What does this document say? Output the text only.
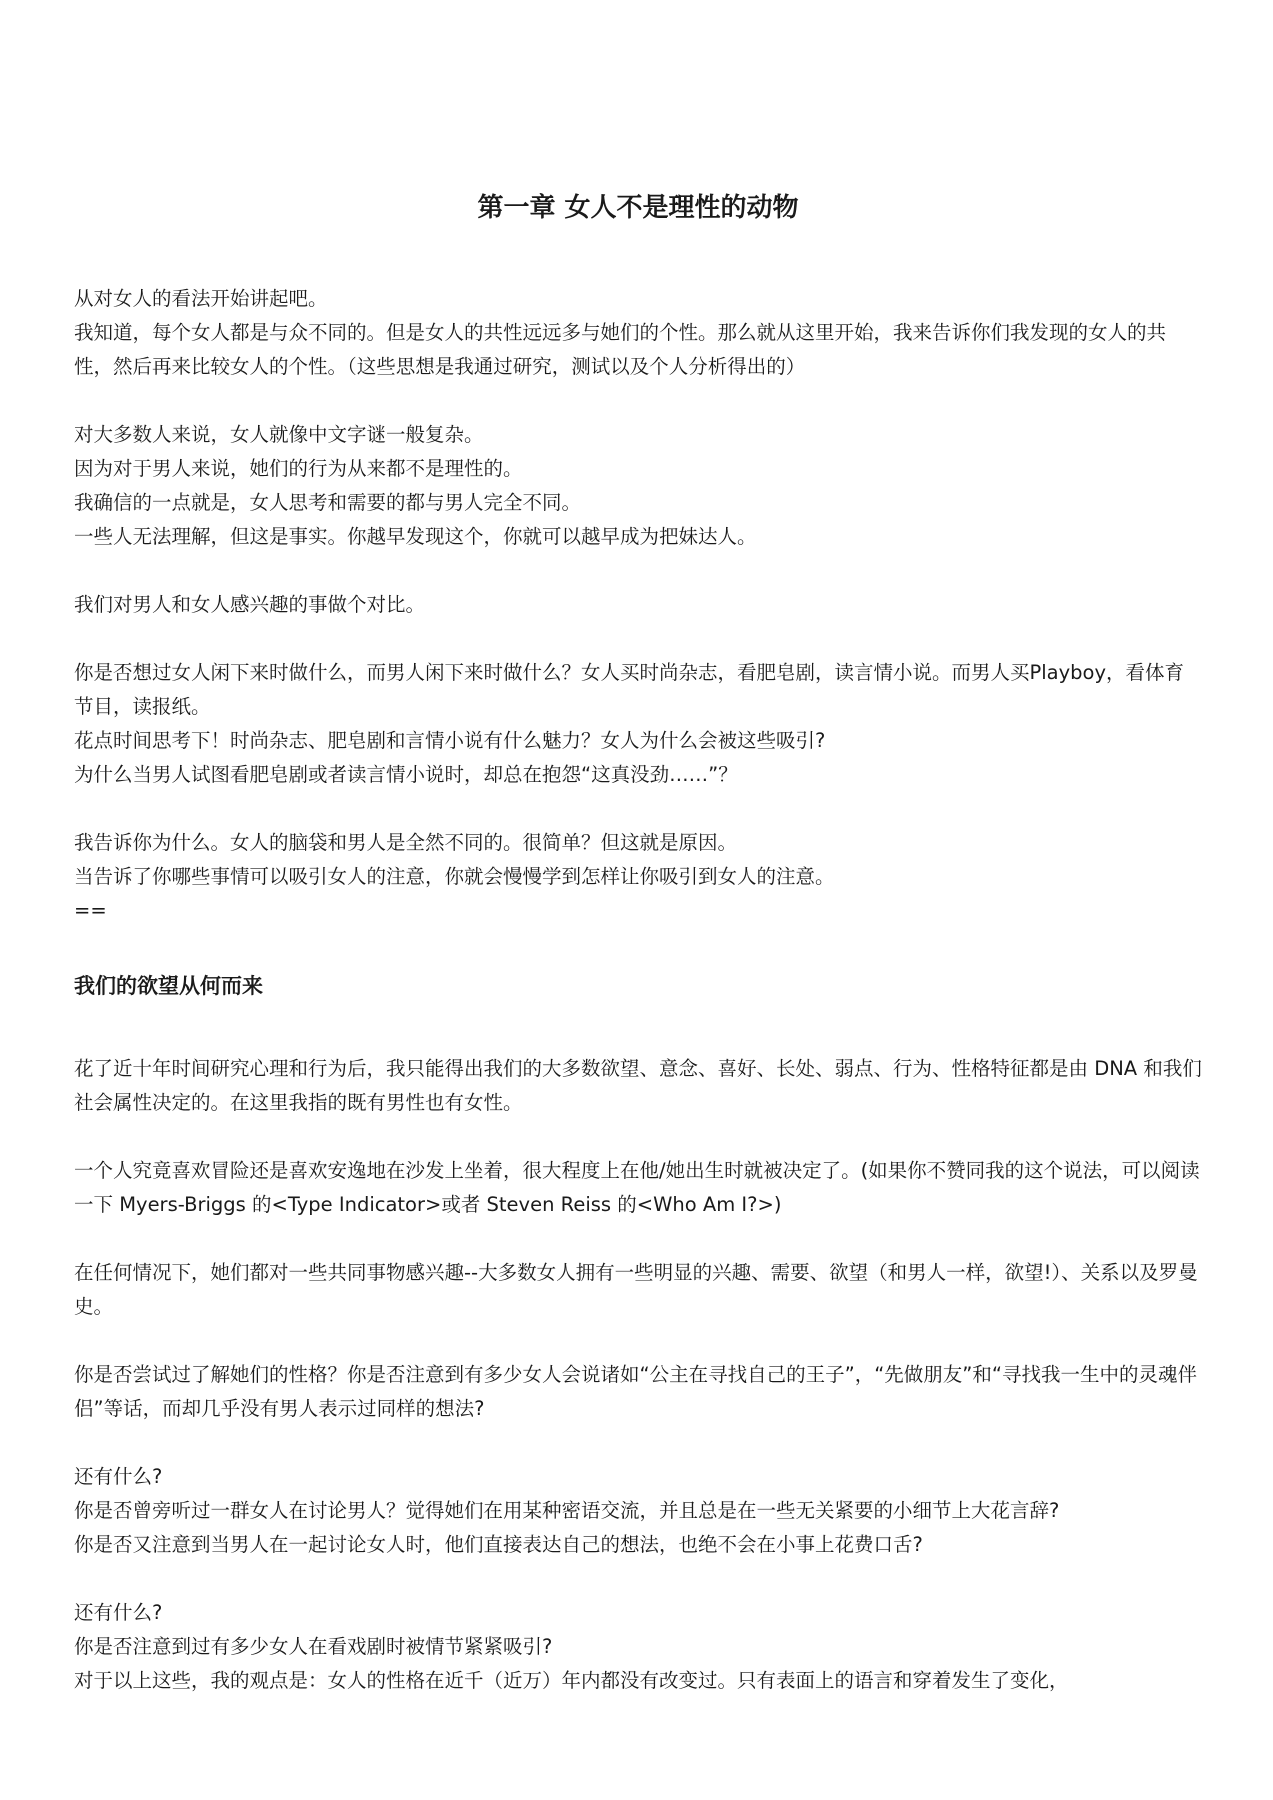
第一章 女人不是理性的动物

从对女人的看法开始讲起吧。

我知道，每个女人都是与众不同的。但是女人的共性远远多与她们的个性。那么就从这里开始，我来告诉你们我发现的女人的共性，然后再来比较女人的个性。（这些思想是我通过研究，测试以及个人分析得出的）

对大多数人来说，女人就像中文字谜一般复杂。

因为对于男人来说，她们的行为从来都不是理性的。

我确信的一点就是，女人思考和需要的都与男人完全不同。

一些人无法理解，但这是事实。你越早发现这个，你就可以越早成为把妹达人。

我们对男人和女人感兴趣的事做个对比。

你是否想过女人闲下来时做什么，而男人闲下来时做什么？女人买时尚杂志，看肥皂剧，读言情小说。而男人买Playboy，看体育节目，读报纸。

花点时间思考下！时尚杂志、肥皂剧和言情小说有什么魅力？女人为什么会被这些吸引?

为什么当男人试图看肥皂剧或者读言情小说时，却总在抱怨“这真没劲……”？

我告诉你为什么。女人的脑袋和男人是全然不同的。很简单？但这就是原因。

当告诉了你哪些事情可以吸引女人的注意，你就会慢慢学到怎样让你吸引到女人的注意。

==

我们的欲望从何而来

花了近十年时间研究心理和行为后，我只能得出我们的大多数欲望、意念、喜好、长处、弱点、行为、性格特征都是由 DNA 和我们社会属性决定的。在这里我指的既有男性也有女性。

一个人究竟喜欢冒险还是喜欢安逸地在沙发上坐着，很大程度上在他/她出生时就被决定了。(如果你不赞同我的这个说法，可以阅读一下 Myers-Briggs 的<Type Indicator>或者 Steven Reiss 的<Who Am I?>)

在任何情况下，她们都对一些共同事物感兴趣--大多数女人拥有一些明显的兴趣、需要、欲望（和男人一样，欲望!）、关系以及罗曼史。

你是否尝试过了解她们的性格？你是否注意到有多少女人会说诸如“公主在寻找自己的王子”，“先做朋友”和“寻找我一生中的灵魂伴侣”等话，而却几乎没有男人表示过同样的想法?

还有什么?

你是否曾旁听过一群女人在讨论男人？觉得她们在用某种密语交流，并且总是在一些无关紧要的小细节上大花言辞?

你是否又注意到当男人在一起讨论女人时，他们直接表达自己的想法，也绝不会在小事上花费口舌?

还有什么?

你是否注意到过有多少女人在看戏剧时被情节紧紧吸引?

对于以上这些，我的观点是：女人的性格在近千（近万）年内都没有改变过。只有表面上的语言和穿着发生了变化，
